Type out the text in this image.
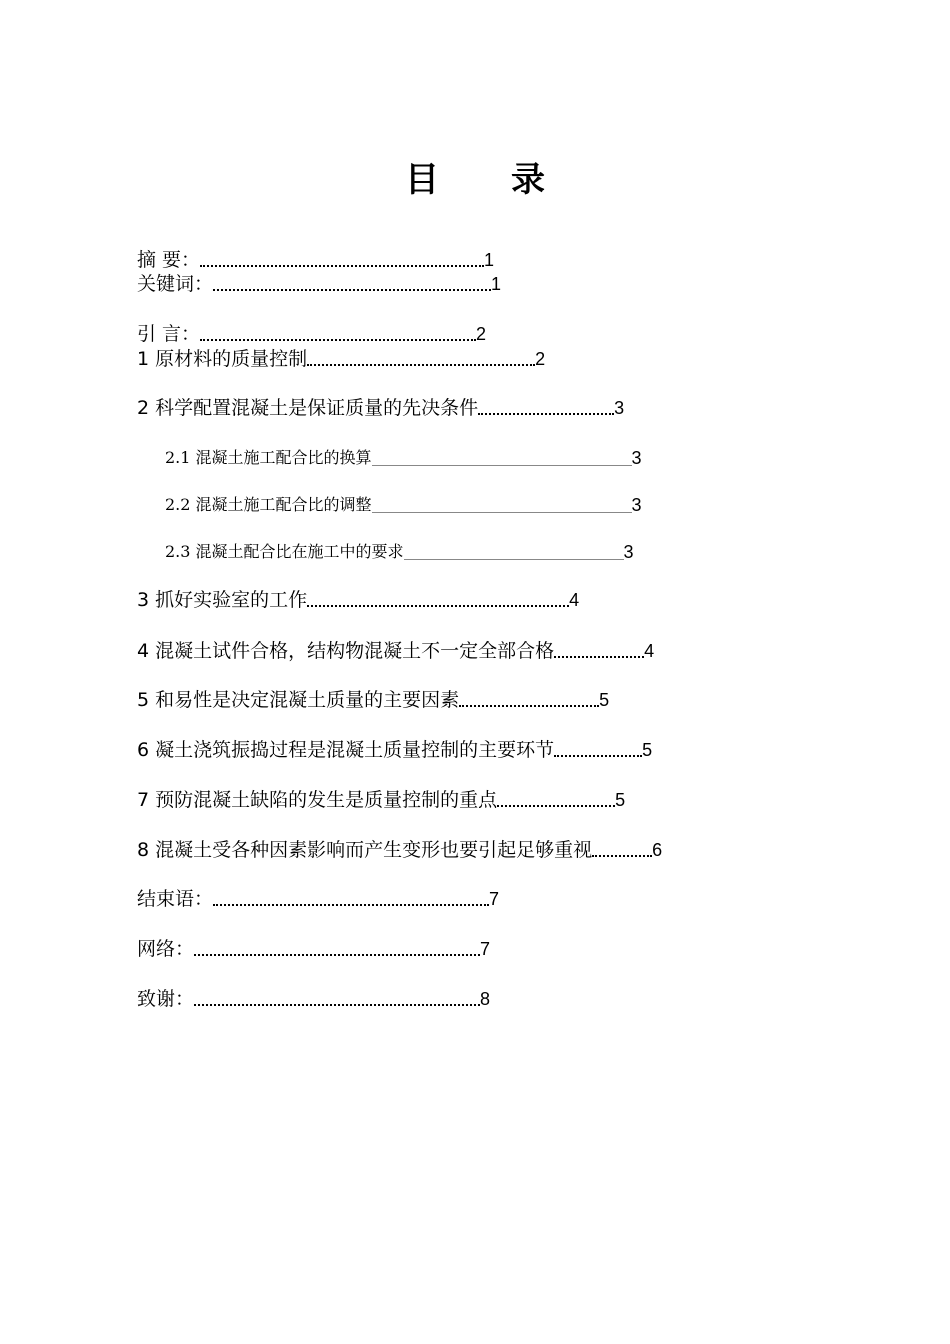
目 录
摘 要：	1
关键词：	1
引 言：	2
1 原材料的质量控制	2
2 科学配置混凝土是保证质量的先决条件	3
2.1 混凝土施工配合比的换算	3
2.2 混凝土施工配合比的调整	3
2.3 混凝土配合比在施工中的要求	3
3 抓好实验室的工作	4
4 混凝土试件合格，结构物混凝土不一定全部合格	4
5 和易性是决定混凝土质量的主要因素	5
6 凝土浇筑振捣过程是混凝土质量控制的主要环节	5
7 预防混凝土缺陷的发生是质量控制的重点	5
8 混凝土受各种因素影响而产生变形也要引起足够重视	6
结束语：	7
网络：	7
致谢：	8
